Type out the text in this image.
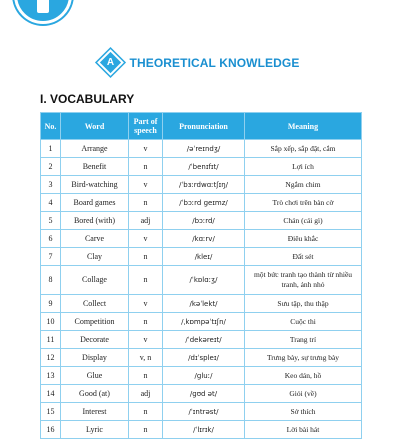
A	THEORETICAL KNOWLEDGE
I. VOCABULARY
No.	Word	Part of speech	Pronunciation	Meaning
1	Arrange	v	/əˈreɪndʒ/	Sắp xếp, sắp đặt, cắm
2	Benefit	n	/ˈbenɪfɪt/	Lợi ích
3	Bird-watching	v	/ˈbɜːrdwɑːtʃɪŋ/	Ngắm chim
4	Board games	n	/ˈbɔːrd ɡeɪmz/	Trò chơi trên bàn cờ
5	Bored (with)	adj	/bɔːrd/	Chán (cái gì)
6	Carve	v	/kɑːrv/	Điêu khắc
7	Clay	n	/kleɪ/	Đất sét
8	Collage	n	/ˈkɒlɑːʒ/	một bức tranh tạo thành từ nhiều tranh, ảnh nhỏ
9	Collect	v	/kəˈlekt/	Sưu tập, thu thập
10	Competition	n	/ˌkɒmpəˈtɪʃn/	Cuộc thi
11	Decorate	v	/ˈdekəreɪt/	Trang trí
12	Display	v, n	/dɪˈspleɪ/	Trưng bày, sự trưng bày
13	Glue	n	/ɡluː/	Keo dán, hồ
14	Good (at)	adj	/ɡʊd ət/	Giỏi (về)
15	Interest	n	/ˈɪntrəst/	Sở thích
16	Lyric	n	/ˈlɪrɪk/	Lời bài hát
